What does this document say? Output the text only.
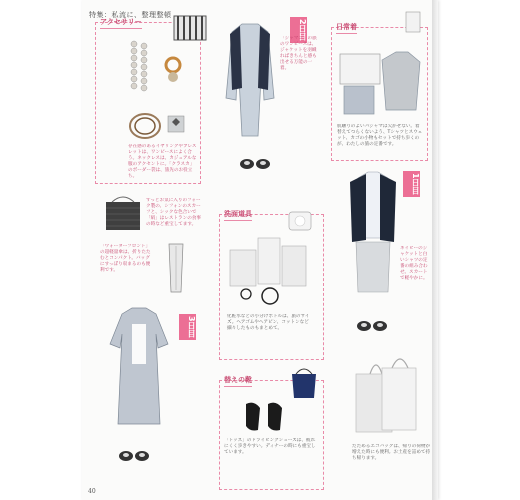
特集：私流に、整理整頓
40
アクセサリー
存在感のあるイヤリングやブレスレットは、ワンピースによく合う。ネックレスは、カジュアルな服のアクセントに。「クラスカ」のボーダー袋は、旅先のお役立ち。
ずっとお気に入りのフォーク製の、シフォンのスカーフと、シックな色合いで「絹」はレストランの食事の時など重宝してます。
「ウォーターフロント」の超軽量傘は、折りたたむとコンパクト。バッグにすっぽり収まるのも便利です。
2日目
「ジャマン」の旅のワンピースは、ジャケットを羽織ればきちんと感も出せる万能の一着。
日常着
肌触りのよいパジャマは欠かせない。着替えてつらくないよう、Tシャツとスウェット、カゴの小物もセットで持ち歩くのが、わたしの旅の定番です。
1日目
ネイビーのジャケットと白いシャツの定番の組み合わせ。スカートで軽やかに。
洗面道具
化粧水などの小分けボトルは、旅のサイズ。ヘアゴムやヘアピン、コットンなど細々したものもまとめて。
3日目
替えの靴
「トッズ」のドライビングシューズは、疲れにくく歩きやすい。ディナーの時にも重宝しています。
たためるエコバッグは、帰りの荷物が増えた時にも便利。お土産を詰めて持ち帰ります。
